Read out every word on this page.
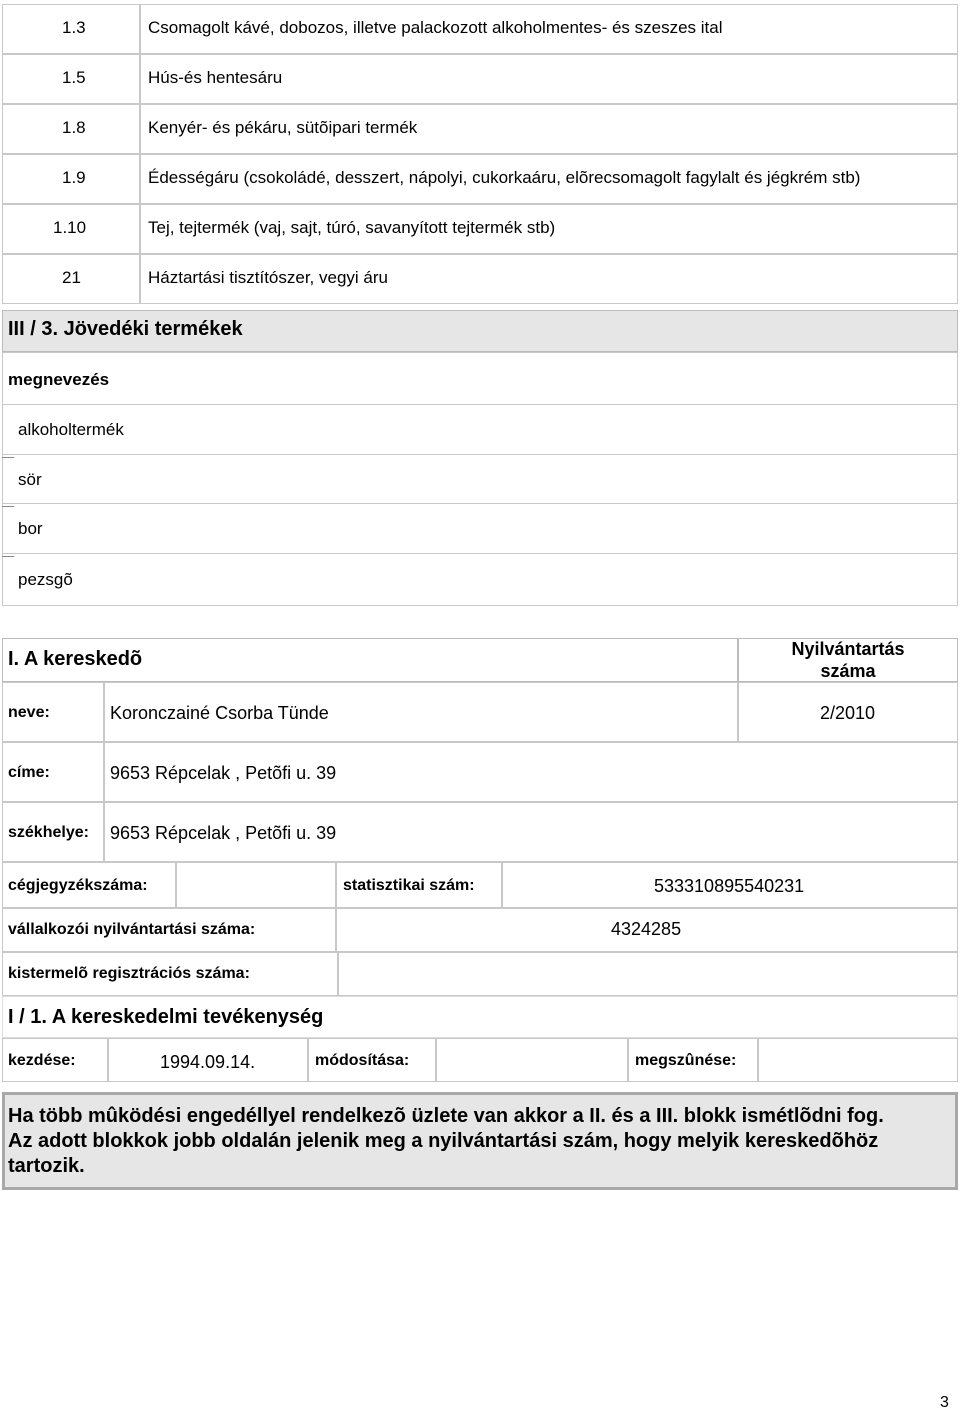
1.3	Csomagolt kávé, dobozos, illetve palackozott alkoholmentes- és szeszes ital
1.5	Hús-és hentesáru
1.8	Kenyér- és pékáru, sütõipari termék
1.9	Édességáru (csokoládé, desszert, nápolyi, cukorkaáru, elõrecsomagolt fagylalt és jégkrém stb)
1.10	Tej, tejtermék (vaj, sajt, túró, savanyított tejtermék stb)
21	Háztartási tisztítószer, vegyi áru
III / 3. Jövedéki termékek
megnevezés
alkoholtermék
sör
bor
pezsgõ
I. A kereskedõ	Nyilvántartás száma
neve:	Koronczainé Csorba Tünde	2/2010
címe:	9653 Répcelak , Petõfi u. 39
székhelye: 9653 Répcelak , Petõfi u. 39
cégjegyzékszáma:	statisztikai szám:	533310895540231
vállalkozói nyilvántartási száma:	4324285
kistermelõ regisztrációs száma:
I / 1. A kereskedelmi tevékenység
kezdése:	1994.09.14.	módosítása:	megszûnése:
Ha több mûködési engedéllyel rendelkezõ üzlete van akkor a II. és a III. blokk ismétlõdni fog. Az adott blokkok jobb oldalán jelenik meg a nyilvántartási szám, hogy melyik kereskedõhöz tartozik.
3
